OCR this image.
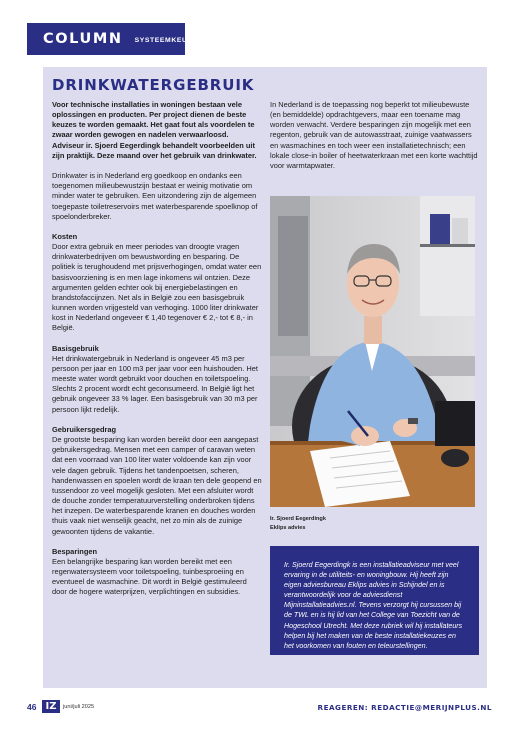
COLUMN SYSTEEMKEUZES
DRINKWATERGEBRUIK

Voor technische installaties in woningen bestaan vele oplossingen en producten. Per project dienen de beste keuzes te worden gemaakt. Het gaat fout als voordelen te zwaar worden gewogen en nadelen verwaarloosd. Adviseur ir. Sjoerd Eegerdingk behandelt voorbeelden uit zijn praktijk. Deze maand over het gebruik van drinkwater.

Drinkwater is in Nederland erg goedkoop en ondanks een toegenomen milieubewustzijn bestaat er weinig motivatie om minder water te gebruiken. Een uitzondering zijn de algemeen toegepaste toiletreservoirs met waterbesparende spoelknop of spoelonderbreker.

Kosten

Door extra gebruik en meer periodes van droogte vragen drinkwaterbedrijven om bewustwording en besparing. De politiek is terughoudend met prijsverhogingen, omdat water een basisvoorziening is en men lage inkomens wil ontzien. Deze argumenten gelden echter ook bij energiebelastingen en brandstofaccijnzen. Net als in België zou een basisgebruik kunnen worden vrijgesteld van verhoging. 1000 liter drinkwater kost in Nederland ongeveer € 1,40 tegenover € 2,- tot € 8,- in België.

Basisgebruik

Het drinkwatergebruik in Nederland is ongeveer 45 m3 per persoon per jaar en 100 m3 per jaar voor een huishouden. Het meeste water wordt gebruikt voor douchen en toiletspoeling. Slechts 2 procent wordt echt geconsumeerd. In België ligt het gebruik ongeveer 33 % lager. Een basisgebruik van 30 m3 per persoon lijkt redelijk.

Gebruikersgedrag

De grootste besparing kan worden bereikt door een aangepast gebruikersgedrag. Mensen met een camper of caravan weten dat een voorraad van 100 liter water voldoende kan zijn voor vele dagen gebruik. Tijdens het tandenpoetsen, scheren, handenwassen en spoelen wordt de kraan ten dele geopend en tussendoor zo veel mogelijk gesloten. Met een afsluiter wordt de douche zonder temperatuurverstelling onderbroken tijdens het inzepen. De waterbesparende kranen en douches worden thuis vaak niet wenselijk geacht, net zo min als de zuinige gewoonten tijdens de vakantie.

Besparingen

Een belangrijke besparing kan worden bereikt met een regenwatersysteem voor toiletspoeling, tuinbesproeiing en eventueel de wasmachine. Dit wordt in België gestimuleerd door de hogere waterprijzen, verplichtingen en subsidies.

In Nederland is de toepassing nog beperkt tot milieubewuste (en bemiddelde) opdrachtgevers, maar een toename mag worden verwacht. Verdere besparingen zijn mogelijk met een regenton, gebruik van de autowasstraat, zuinige vaatwassers en wasmachines en toch weer een installatietechnisch; een lokale close-in boiler of heetwaterkraan met een korte wachttijd voor warmtapwater.
Ir. Sjoerd Eegerdingk
Eklips advies
Ir. Sjoerd Eegerdingk is een installatieadviseur met veel ervaring in de utiliteits- en woningbouw. Hij heeft zijn eigen adviesbureau Eklips advies in Schijndel en is verantwoordelijk voor de adviesdienst Mijninstallatieadvies.nl. Tevens verzorgt hij cursussen bij de TWL en is hij lid van het College van Toezicht van de Hogeschool Utrecht. Met deze rubriek wil hij installateurs helpen bij het maken van de beste installatiekeuzes en het voorkomen van fouten en teleurstellingen.
46 IZ	juni/juli 2025	REAGEREN: REDACTIE@MERIJNPLUS.NL
